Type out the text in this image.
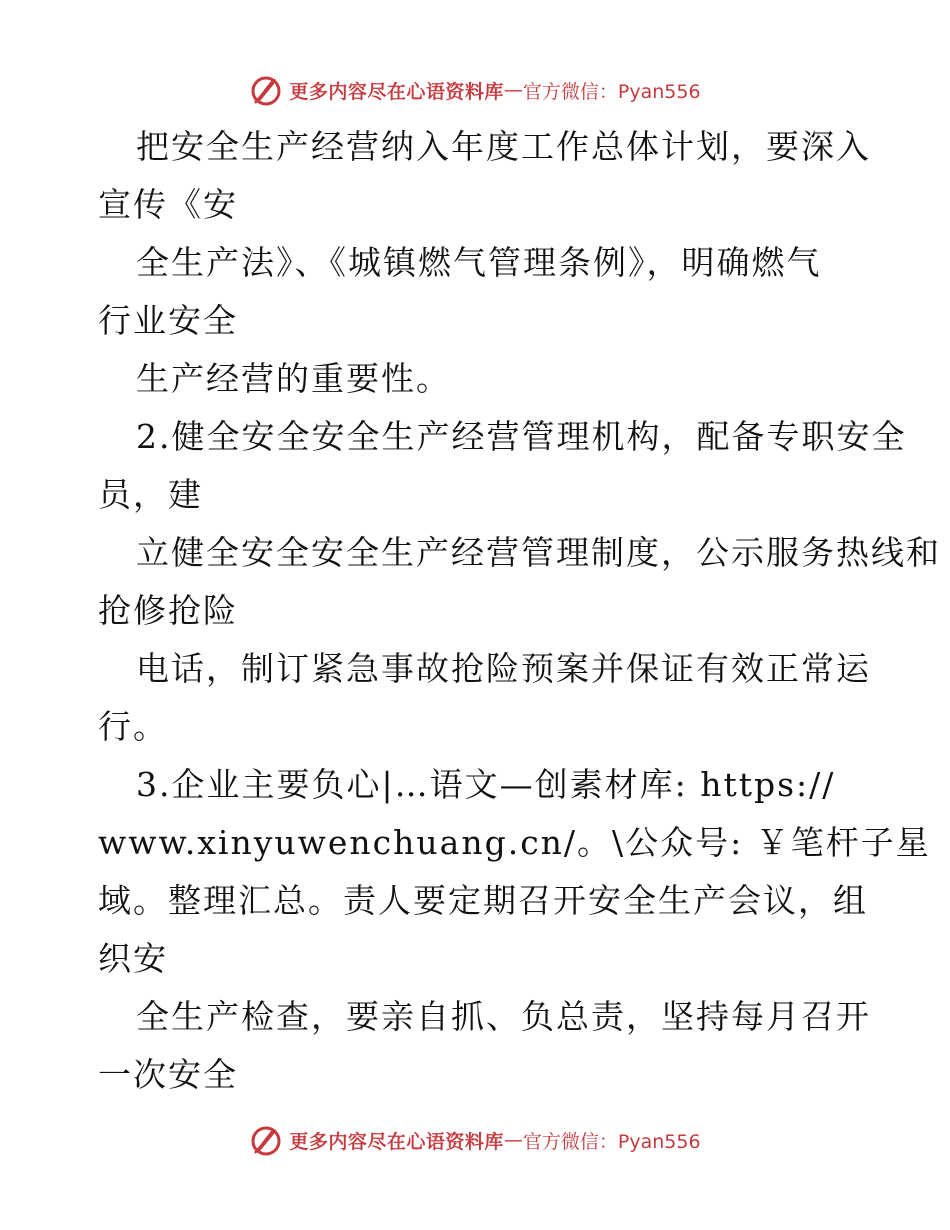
更多内容尽在心语资料库 — 官方微信：Pyan556
把安全生产经营纳入年度工作总体计划，要深入
宣传《安
全生产法》、《城镇燃气管理条例》，明确燃气
行业安全
生产经营的重要性。
2.健全安全安全生产经营管理机构，配备专职安全
员，建
立健全安全安全生产经营管理制度，公示服务热线和
抢修抢险
电话，制订紧急事故抢险预案并保证有效正常运
行。
3.企业主要负心|…语文—创素材库: https://
www.xinyuwenchuang.cn/。\公众号: ￥笔杆子星
域。整理汇总。责人要定期召开安全生产会议，组
织安
全生产检查，要亲自抓、负总责，坚持每月召开
一次安全
更多内容尽在心语资料库 — 官方微信：Pyan556
